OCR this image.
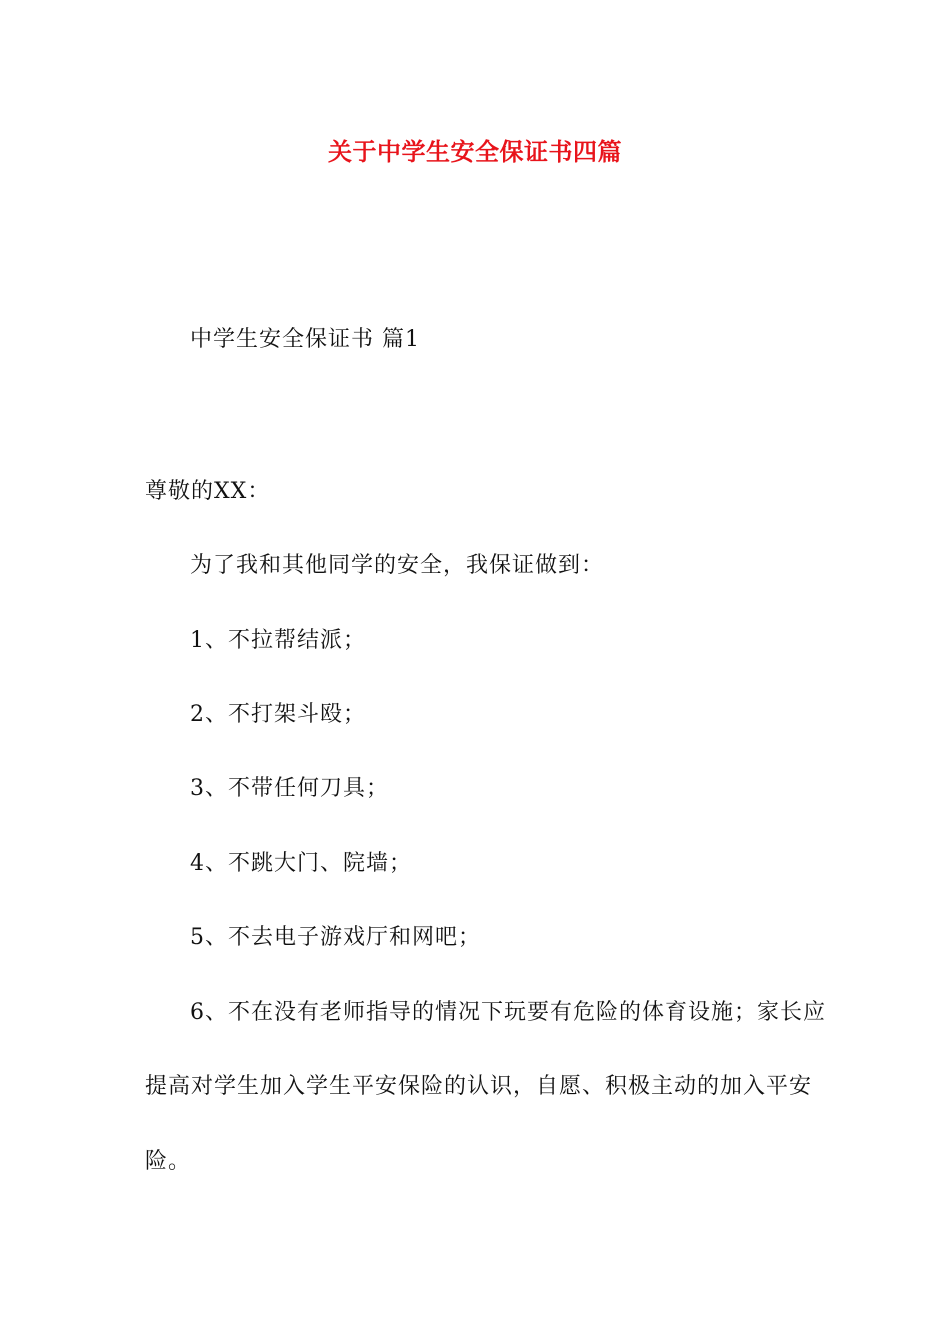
关于中学生安全保证书四篇
中学生安全保证书 篇1
尊敬的XX：
为了我和其他同学的安全，我保证做到：
1、不拉帮结派；
2、不打架斗殴；
3、不带任何刀具；
4、不跳大门、院墙；
5、不去电子游戏厅和网吧；
6、不在没有老师指导的情况下玩要有危险的体育设施；家长应
提高对学生加入学生平安保险的认识，自愿、积极主动的加入平安
险。
